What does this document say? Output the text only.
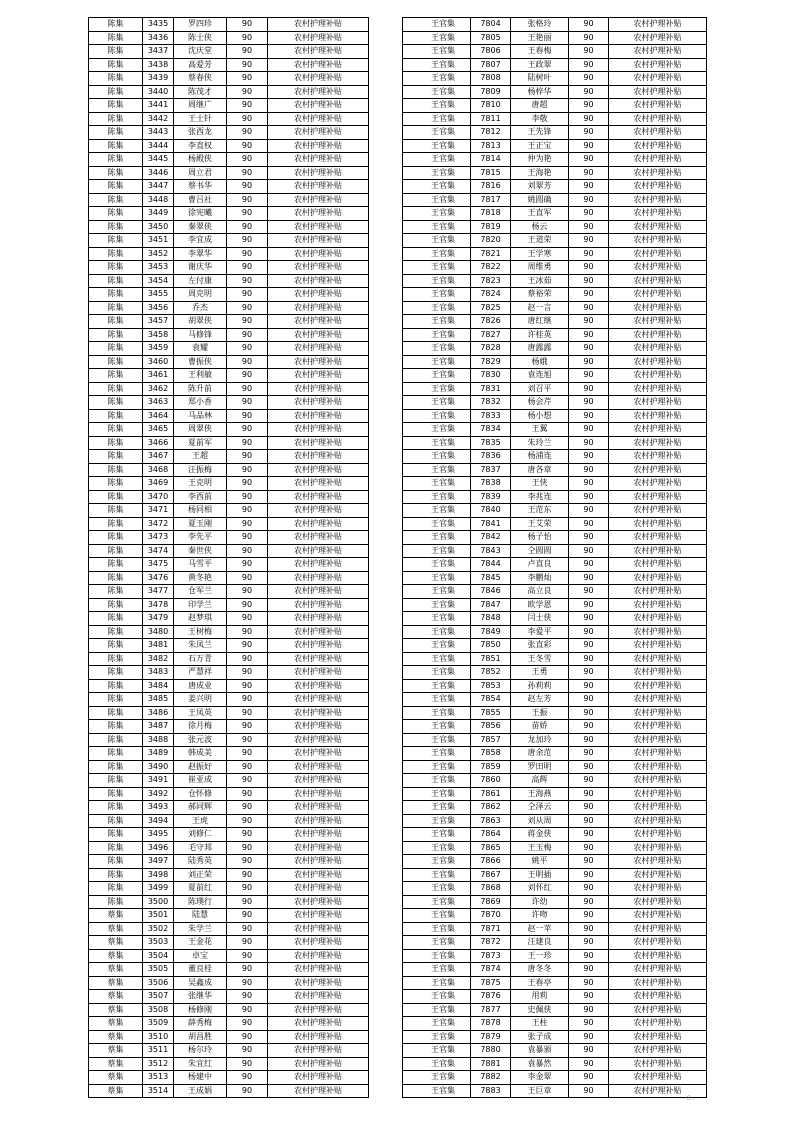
陈集	3435	罗四珍	90	农村护理补贴
陈集	3436	陈士侠	90	农村护理补贴
陈集	3437	沈庆堂	90	农村护理补贴
陈集	3438	高爱芳	90	农村护理补贴
陈集	3439	蔡春侠	90	农村护理补贴
陈集	3440	陈茂才	90	农村护理补贴
陈集	3441	周继广	90	农村护理补贴
陈集	3442	王士针	90	农村护理补贴
陈集	3443	张西龙	90	农村护理补贴
陈集	3444	李直权	90	农村护理补贴
陈集	3445	杨殿侠	90	农村护理补贴
陈集	3446	周立君	90	农村护理补贴
陈集	3447	蔡书华	90	农村护理补贴
陈集	3448	曹吕社	90	农村护理补贴
陈集	3449	徐宪曦	90	农村护理补贴
陈集	3450	秦翠侠	90	农村护理补贴
陈集	3451	李宜成	90	农村护理补贴
陈集	3452	李翠华	90	农村护理补贴
陈集	3453	谢庆华	90	农村护理补贴
陈集	3454	左付康	90	农村护理补贴
陈集	3455	周克明	90	农村护理补贴
陈集	3456	乔杰	90	农村护理补贴
陈集	3457	胡翠侠	90	农村护理补贴
陈集	3458	马修锋	90	农村护理补贴
陈集	3459	袁耀	90	农村护理补贴
陈集	3460	曹振侠	90	农村护理补贴
陈集	3461	王利敏	90	农村护理补贴
陈集	3462	陈升前	90	农村护理补贴
陈集	3463	郑小香	90	农村护理补贴
陈集	3464	马品林	90	农村护理补贴
陈集	3465	周翠侠	90	农村护理补贴
陈集	3466	夏前军	90	农村护理补贴
陈集	3467	王超	90	农村护理补贴
陈集	3468	汪振梅	90	农村护理补贴
陈集	3469	王克明	90	农村护理补贴
陈集	3470	李西前	90	农村护理补贴
陈集	3471	杨同相	90	农村护理补贴
陈集	3472	夏玉刚	90	农村护理补贴
陈集	3473	李先平	90	农村护理补贴
陈集	3474	秦世侠	90	农村护理补贴
陈集	3475	马雪平	90	农村护理补贴
陈集	3476	黄冬艳	90	农村护理补贴
陈集	3477	仓军兰	90	农村护理补贴
陈集	3478	印学兰	90	农村护理补贴
陈集	3479	赵梦琪	90	农村护理补贴
陈集	3480	王树梅	90	农村护理补贴
陈集	3481	朱凤兰	90	农村护理补贴
陈集	3482	石万青	90	农村护理补贴
陈集	3483	严慧祥	90	农村护理补贴
陈集	3484	唐成业	90	农村护理补贴
陈集	3485	姜兴明	90	农村护理补贴
陈集	3486	王凤英	90	农村护理补贴
陈集	3487	徐月梅	90	农村护理补贴
陈集	3488	张元波	90	农村护理补贴
陈集	3489	韩成美	90	农村护理补贴
陈集	3490	赵振好	90	农村护理补贴
陈集	3491	崔亚成	90	农村护理补贴
陈集	3492	仓怀修	90	农村护理补贴
陈集	3493	郝同辉	90	农村护理补贴
陈集	3494	王虎	90	农村护理补贴
陈集	3495	刘修仁	90	农村护理补贴
陈集	3496	毛守邦	90	农村护理补贴
陈集	3497	陆秀英	90	农村护理补贴
陈集	3498	刘正荣	90	农村护理补贴
陈集	3499	夏前红	90	农村护理补贴
陈集	3500	陈璞行	90	农村护理补贴
蔡集	3501	陆慧	90	农村护理补贴
蔡集	3502	朱学兰	90	农村护理补贴
蔡集	3503	王金花	90	农村护理补贴
蔡集	3504	卓宝	90	农村护理补贴
蔡集	3505	董良桂	90	农村护理补贴
蔡集	3506	吴鑫成	90	农村护理补贴
蔡集	3507	张继华	90	农村护理补贴
蔡集	3508	杨修刚	90	农村护理补贴
蔡集	3509	薛秀梅	90	农村护理补贴
蔡集	3510	胡昌胜	90	农村护理补贴
蔡集	3511	杨尔玲	90	农村护理补贴
蔡集	3512	朱宜红	90	农村护理补贴
蔡集	3513	杨建中	90	农村护理补贴
蔡集	3514	王成娟	90	农村护理补贴
王官集	7804	张格玲	90	农村护理补贴
王官集	7805	王艳丽	90	农村护理补贴
王官集	7806	王春梅	90	农村护理补贴
王官集	7807	王政翠	90	农村护理补贴
王官集	7808	陆树叶	90	农村护理补贴
王官集	7809	杨梓华	90	农村护理补贴
王官集	7810	唐超	90	农村护理补贴
王官集	7811	李敬	90	农村护理补贴
王官集	7812	王先锋	90	农村护理补贴
王官集	7813	王正宝	90	农村护理补贴
王官集	7814	仲为艳	90	农村护理补贴
王官集	7815	王海艳	90	农村护理补贴
王官集	7816	刘翠芳	90	农村护理补贴
王官集	7817	姚圆确	90	农村护理补贴
王官集	7818	王直军	90	农村护理补贴
王官集	7819	杨云	90	农村护理补贴
王官集	7820	王道荣	90	农村护理补贴
王官集	7821	王学寒	90	农村护理补贴
王官集	7822	周维勇	90	农村护理补贴
王官集	7823	王冰茹	90	农村护理补贴
王官集	7824	蔡裕荣	90	农村护理补贴
王官集	7825	赵一言	90	农村护理补贴
王官集	7826	唐红继	90	农村护理补贴
王官集	7827	许桂英	90	农村护理补贴
王官集	7828	唐露露	90	农村护理补贴
王官集	7829	杨娥	90	农村护理补贴
王官集	7830	袁连旭	90	农村护理补贴
王官集	7831	刘召平	90	农村护理补贴
王官集	7832	杨会芹	90	农村护理补贴
王官集	7833	杨小想	90	农村护理补贴
王官集	7834	王翼	90	农村护理补贴
王官集	7835	朱玲兰	90	农村护理补贴
王官集	7836	杨浦连	90	农村护理补贴
王官集	7837	唐各章	90	农村护理补贴
王官集	7838	王侠	90	农村护理补贴
王官集	7839	李兆连	90	农村护理补贴
王官集	7840	王范东	90	农村护理补贴
王官集	7841	王艾荣	90	农村护理补贴
王官集	7842	杨子怡	90	农村护理补贴
王官集	7843	仝圆圆	90	农村护理补贴
王官集	7844	卢直良	90	农村护理补贴
王官集	7845	李鹏灿	90	农村护理补贴
王官集	7846	高立良	90	农村护理补贴
王官集	7847	欧学恩	90	农村护理补贴
王官集	7848	闫士侠	90	农村护理补贴
王官集	7849	李爱平	90	农村护理补贴
王官集	7850	张直彩	90	农村护理补贴
王官集	7851	王冬雪	90	农村护理补贴
王官集	7852	王勇	90	农村护理补贴
王官集	7853	孙莉莉	90	农村护理补贴
王官集	7854	赵左芳	90	农村护理补贴
王官集	7855	王振	90	农村护理补贴
王官集	7856	苗娇	90	农村护理补贴
王官集	7857	龙加玲	90	农村护理补贴
王官集	7858	唐余范	90	农村护理补贴
王官集	7859	罗田明	90	农村护理补贴
王官集	7860	高辉	90	农村护理补贴
王官集	7861	王海燕	90	农村护理补贴
王官集	7862	仝泽云	90	农村护理补贴
王官集	7863	刘从周	90	农村护理补贴
王官集	7864	蒋金侠	90	农村护理补贴
王官集	7865	王玉梅	90	农村护理补贴
王官集	7866	姚平	90	农村护理补贴
王官集	7867	王明插	90	农村护理补贴
王官集	7868	刘怀红	90	农村护理补贴
王官集	7869	许幼	90	农村护理补贴
王官集	7870	许吻	90	农村护理补贴
王官集	7871	赵一苹	90	农村护理补贴
王官集	7872	汪建良	90	农村护理补贴
王官集	7873	王一珍	90	农村护理补贴
王官集	7874	唐冬冬	90	农村护理补贴
王官集	7875	王春亭	90	农村护理补贴
王官集	7876	用莉	90	农村护理补贴
王官集	7877	史佩侠	90	农村护理补贴
王官集	7878	王柱	90	农村护理补贴
王官集	7879	张子成	90	农村护理补贴
王官集	7880	袁暴颁	90	农村护理补贴
王官集	7881	袁暴然	90	农村护理补贴
王官集	7882	李金翠	90	农村护理补贴
王官集	7883	王巨章	90	农村护理补贴
⊙.
